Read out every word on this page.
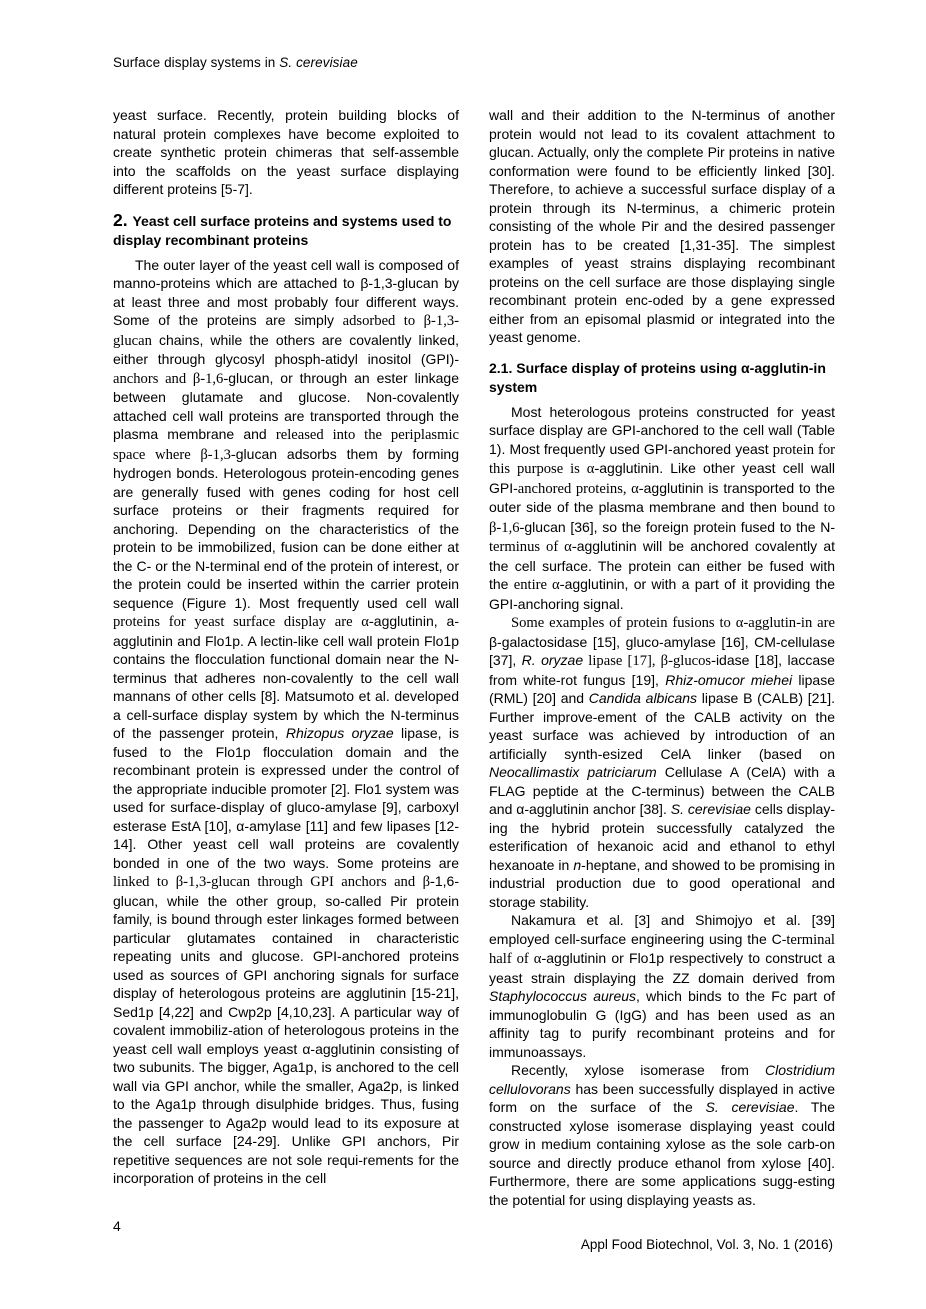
Surface display systems in S. cerevisiae

yeast surface. Recently, protein building blocks of natural protein complexes have become exploited to create synthetic protein chimeras that self-assemble into the scaffolds on the yeast surface displaying different proteins [5-7].

2. Yeast cell surface proteins and systems used to display recombinant proteins

The outer layer of the yeast cell wall is composed of manno-proteins which are attached to β-1,3-glucan by at least three and most probably four different ways. Some of the proteins are simply adsorbed to β-1,3-glucan chains, while the others are covalently linked, either through glycosyl phosph-atidyl inositol (GPI)-anchors and β-1,6-glucan, or through an ester linkage between glutamate and glucose. Non-covalently attached cell wall proteins are transported through the plasma membrane and released into the periplasmic space where β-1,3-glucan adsorbs them by forming hydrogen bonds. Heterologous protein-encoding genes are generally fused with genes coding for host cell surface proteins or their fragments required for anchoring. Depending on the characteristics of the protein to be immobilized, fusion can be done either at the C- or the N-terminal end of the protein of interest, or the protein could be inserted within the carrier protein sequence (Figure 1). Most frequently used cell wall proteins for yeast surface display are α-agglutinin, a-agglutinin and Flo1p. A lectin-like cell wall protein Flo1p contains the flocculation functional domain near the N-terminus that adheres non-covalently to the cell wall mannans of other cells [8]. Matsumoto et al. developed a cell-surface display system by which the N-terminus of the passenger protein, Rhizopus oryzae lipase, is fused to the Flo1p flocculation domain and the recombinant protein is expressed under the control of the appropriate inducible promoter [2]. Flo1 system was used for surface-display of gluco-amylase [9], carboxyl esterase EstA [10], α-amylase [11] and few lipases [12-14]. Other yeast cell wall proteins are covalently bonded in one of the two ways. Some proteins are linked to β-1,3-glucan through GPI anchors and β-1,6-glucan, while the other group, so-called Pir protein family, is bound through ester linkages formed between particular glutamates contained in characteristic repeating units and glucose. GPI-anchored proteins used as sources of GPI anchoring signals for surface display of heterologous proteins are agglutinin [15-21], Sed1p [4,22] and Cwp2p [4,10,23]. A particular way of covalent immobiliz-ation of heterologous proteins in the yeast cell wall employs yeast α-agglutinin consisting of two subunits. The bigger, Aga1p, is anchored to the cell wall via GPI anchor, while the smaller, Aga2p, is linked to the Aga1p through disulphide bridges. Thus, fusing the passenger to Aga2p would lead to its exposure at the cell surface [24-29]. Unlike GPI anchors, Pir repetitive sequences are not sole requi-rements for the incorporation of proteins in the cell

wall and their addition to the N-terminus of another protein would not lead to its covalent attachment to glucan. Actually, only the complete Pir proteins in native conformation were found to be efficiently linked [30]. Therefore, to achieve a successful surface display of a protein through its N-terminus, a chimeric protein consisting of the whole Pir and the desired passenger protein has to be created [1,31-35]. The simplest examples of yeast strains displaying recombinant proteins on the cell surface are those displaying single recombinant protein enc-oded by a gene expressed either from an episomal plasmid or integrated into the yeast genome.

2.1. Surface display of proteins using α-agglutin-in system

Most heterologous proteins constructed for yeast surface display are GPI-anchored to the cell wall (Table 1). Most frequently used GPI-anchored yeast protein for this purpose is α-agglutinin. Like other yeast cell wall GPI-anchored proteins, α-agglutinin is transported to the outer side of the plasma membrane and then bound to β-1,6-glucan [36], so the foreign protein fused to the N-terminus of α-agglutinin will be anchored covalently at the cell surface. The protein can either be fused with the entire α-agglutinin, or with a part of it providing the GPI-anchoring signal.

Some examples of protein fusions to α-agglutin-in are β-galactosidase [15], gluco-amylase [16], CM-cellulase [37], R. oryzae lipase [17], β-glucos-idase [18], laccase from white-rot fungus [19], Rhiz-omucor miehei lipase (RML) [20] and Candida albicans lipase B (CALB) [21]. Further improve-ement of the CALB activity on the yeast surface was achieved by introduction of an artificially synth-esized CelA linker (based on Neocallimastix patriciarum Cellulase A (CelA) with a FLAG peptide at the C-terminus) between the CALB and α-agglutinin anchor [38]. S. cerevisiae cells display-ing the hybrid protein successfully catalyzed the esterification of hexanoic acid and ethanol to ethyl hexanoate in n-heptane, and showed to be promising in industrial production due to good operational and storage stability.

Nakamura et al. [3] and Shimojyo et al. [39] employed cell-surface engineering using the C-terminal half of α-agglutinin or Flo1p respectively to construct a yeast strain displaying the ZZ domain derived from Staphylococcus aureus, which binds to the Fc part of immunoglobulin G (IgG) and has been used as an affinity tag to purify recombinant proteins and for immunoassays.

Recently, xylose isomerase from Clostridium cellulovorans has been successfully displayed in active form on the surface of the S. cerevisiae. The constructed xylose isomerase displaying yeast could grow in medium containing xylose as the sole carb-on source and directly produce ethanol from xylose [40]. Furthermore, there are some applications sugg-esting the potential for using displaying yeasts as.

4
Appl Food Biotechnol, Vol. 3, No. 1 (2016)
